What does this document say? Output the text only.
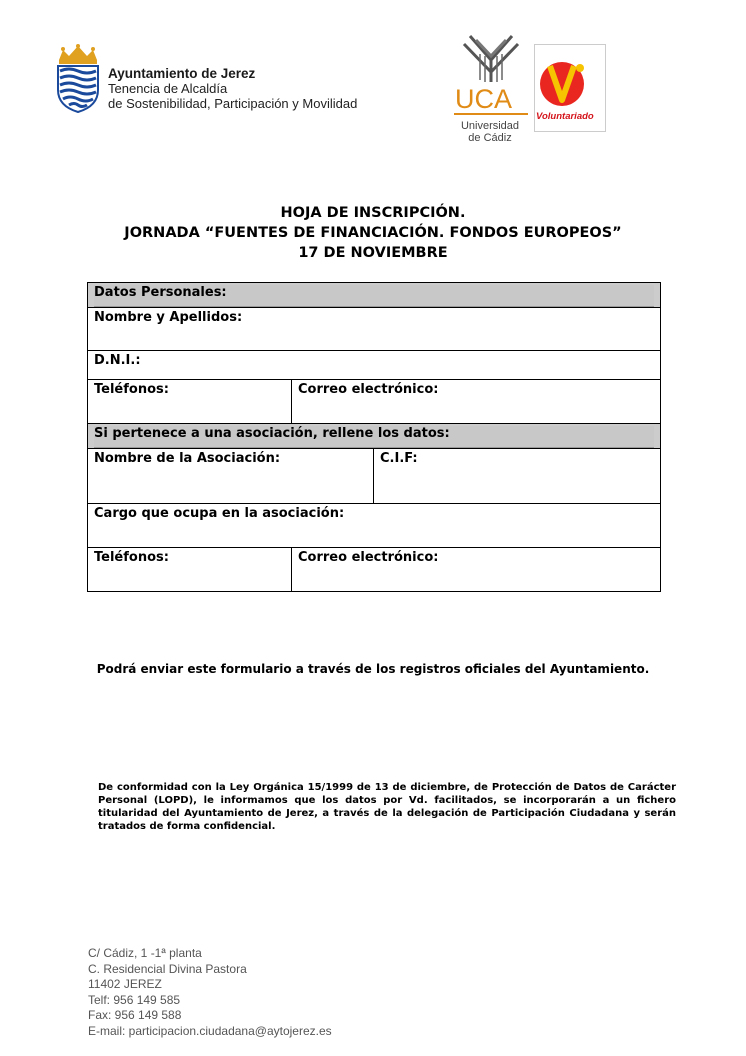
Ayuntamiento de Jerez
Tenencia de Alcaldía
de Sostenibilidad, Participación y Movilidad	UCA
Universidad
de Cádiz
Voluntariado
HOJA DE INSCRIPCIÓN.
JORNADA “FUENTES DE FINANCIACIÓN. FONDOS EUROPEOS”
17 DE NOVIEMBRE
Datos Personales:
Nombre y Apellidos:
D.N.I.:
Teléfonos:	Correo electrónico:
Si pertenece a una asociación, rellene los datos:
Nombre de la Asociación:	C.I.F:
Cargo que ocupa en la asociación:
Teléfonos:	Correo electrónico:
Podrá enviar este formulario a través de los registros oficiales del Ayuntamiento.
De conformidad con la Ley Orgánica 15/1999 de 13 de diciembre, de Protección de Datos de Carácter Personal (LOPD), le informamos que los datos por Vd. facilitados, se incorporarán a un fichero titularidad del Ayuntamiento de Jerez, a través de la delegación de Participación Ciudadana y serán tratados de forma confidencial.
C/ Cádiz, 1 -1ª planta
C. Residencial Divina Pastora
11402 JEREZ
Telf: 956 149 585
Fax: 956 149 588
E-mail: participacion.ciudadana@aytojerez.es
